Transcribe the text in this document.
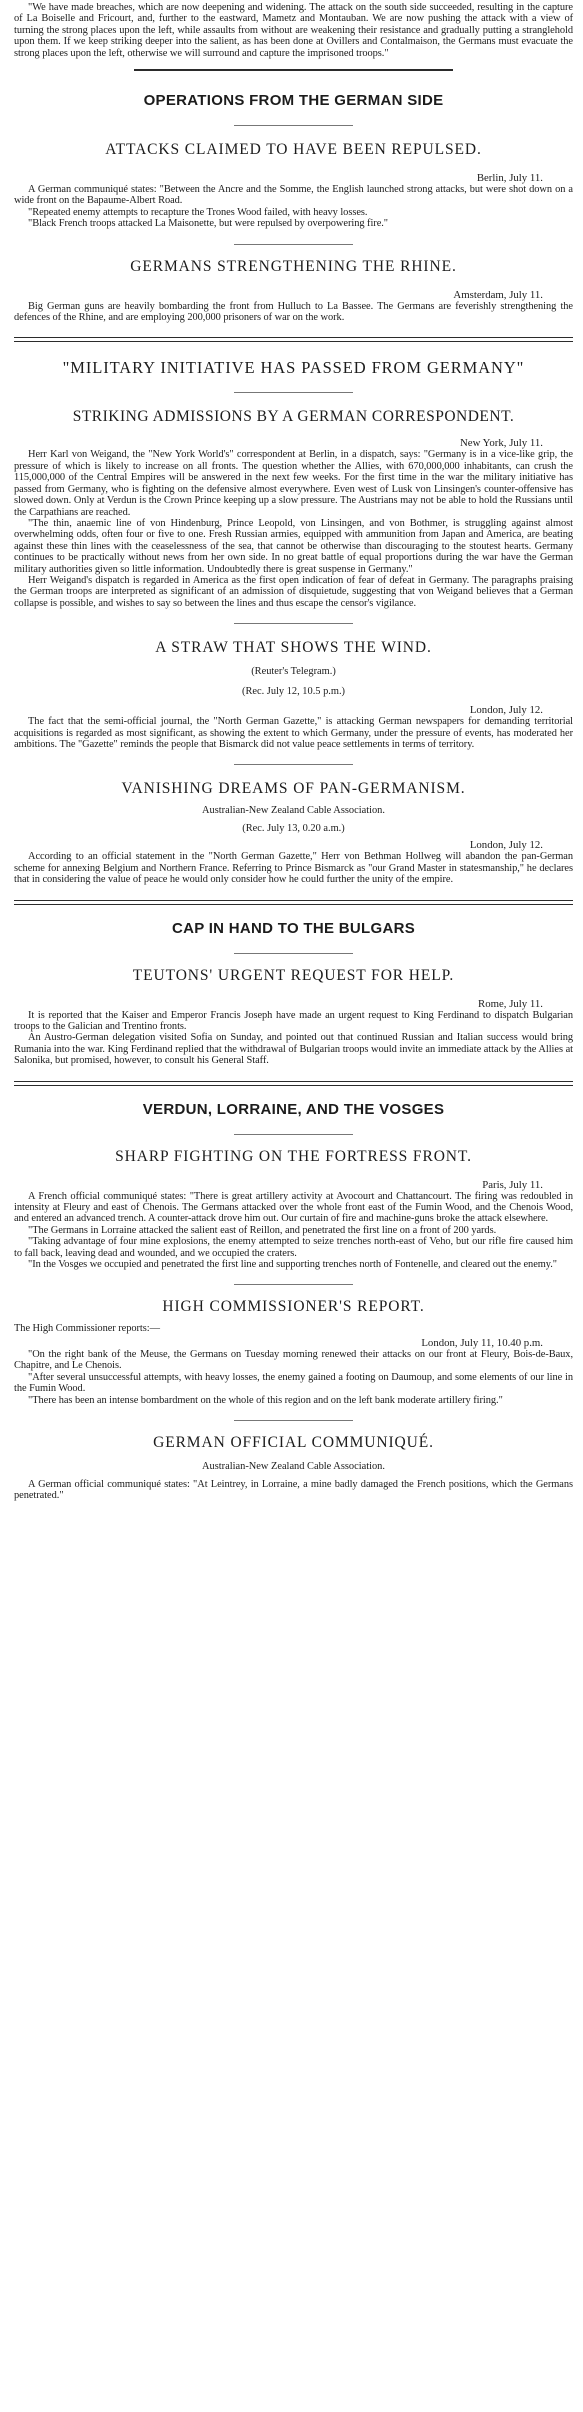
"We have made breaches, which are now deepening and widening. The attack on the south side succeeded, resulting in the capture of La Boiselle and Fricourt, and, further to the eastward, Mametz and Montauban. We are now pushing the attack with a view of turning the strong places upon the left, while assaults from without are weakening their resistance and gradually putting a stranglehold upon them. If we keep striking deeper into the salient, as has been done at Ovillers and Contalmaison, the Germans must evacuate the strong places upon the left, otherwise we will surround and capture the imprisoned troops."

OPERATIONS FROM THE GERMAN SIDE
ATTACKS CLAIMED TO HAVE BEEN REPULSED.
Berlin, July 11.

A German communiqué states: "Between the Ancre and the Somme, the English launched strong attacks, but were shot down on a wide front on the Bapaume-Albert Road.

"Repeated enemy attempts to recapture the Trones Wood failed, with heavy losses.

"Black French troops attacked La Maisonette, but were repulsed by overpowering fire."

GERMANS STRENGTHENING THE RHINE.
Amsterdam, July 11.

Big German guns are heavily bombarding the front from Hulluch to La Bassee. The Germans are feverishly strengthening the defences of the Rhine, and are employing 200,000 prisoners of war on the work.

"MILITARY INITIATIVE HAS PASSED FROM GERMANY"
STRIKING ADMISSIONS BY A GERMAN CORRESPONDENT.
New York, July 11.

Herr Karl von Weigand, the "New York World's" correspondent at Berlin, in a dispatch, says: "Germany is in a vice-like grip, the pressure of which is likely to increase on all fronts. The question whether the Allies, with 670,000,000 inhabitants, can crush the 115,000,000 of the Central Empires will be answered in the next few weeks. For the first time in the war the military initiative has passed from Germany, who is fighting on the defensive almost everywhere. Even west of Lusk von Linsingen's counter-offensive has slowed down. Only at Verdun is the Crown Prince keeping up a slow pressure. The Austrians may not be able to hold the Russians until the Carpathians are reached.

"The thin, anaemic line of von Hindenburg, Prince Leopold, von Linsingen, and von Bothmer, is struggling against almost overwhelming odds, often four or five to one. Fresh Russian armies, equipped with ammunition from Japan and America, are beating against these thin lines with the ceaselessness of the sea, that cannot be otherwise than discouraging to the stoutest hearts. Germany continues to be practically without news from her own side. In no great battle of equal proportions during the war have the German military authorities given so little information. Undoubtedly there is great suspense in Germany."

Herr Weigand's dispatch is regarded in America as the first open indication of fear of defeat in Germany. The paragraphs praising the German troops are interpreted as significant of an admission of disquietude, suggesting that von Weigand believes that a German collapse is possible, and wishes to say so between the lines and thus escape the censor's vigilance.

A STRAW THAT SHOWS THE WIND.
(Reuter's Telegram.)
(Rec. July 12, 10.5 p.m.)
London, July 12.

The fact that the semi-official journal, the "North German Gazette," is attacking German newspapers for demanding territorial acquisitions is regarded as most significant, as showing the extent to which Germany, under the pressure of events, has moderated her ambitions. The "Gazette" reminds the people that Bismarck did not value peace settlements in terms of territory.

VANISHING DREAMS OF PAN-GERMANISM.
Australian-New Zealand Cable Association.
(Rec. July 13, 0.20 a.m.)
London, July 12.

According to an official statement in the "North German Gazette," Herr von Bethman Hollweg will abandon the pan-German scheme for annexing Belgium and Northern France. Referring to Prince Bismarck as "our Grand Master in statesmanship," he declares that in considering the value of peace he would only consider how he could further the unity of the empire.

CAP IN HAND TO THE BULGARS
TEUTONS' URGENT REQUEST FOR HELP.
Rome, July 11.

It is reported that the Kaiser and Emperor Francis Joseph have made an urgent request to King Ferdinand to dispatch Bulgarian troops to the Galician and Trentino fronts.

An Austro-German delegation visited Sofia on Sunday, and pointed out that continued Russian and Italian success would bring Rumania into the war. King Ferdinand replied that the withdrawal of Bulgarian troops would invite an immediate attack by the Allies at Salonika, but promised, however, to consult his General Staff.

VERDUN, LORRAINE, AND THE VOSGES
SHARP FIGHTING ON THE FORTRESS FRONT.
Paris, July 11.

A French official communiqué states: "There is great artillery activity at Avocourt and Chattancourt. The firing was redoubled in intensity at Fleury and east of Chenois. The Germans attacked over the whole front east of the Fumin Wood, and the Chenois Wood, and entered an advanced trench. A counter-attack drove him out. Our curtain of fire and machine-guns broke the attack elsewhere.

"The Germans in Lorraine attacked the salient east of Reillon, and penetrated the first line on a front of 200 yards.

"Taking advantage of four mine explosions, the enemy attempted to seize trenches north-east of Veho, but our rifle fire caused him to fall back, leaving dead and wounded, and we occupied the craters.

"In the Vosges we occupied and penetrated the first line and supporting trenches north of Fontenelle, and cleared out the enemy."

HIGH COMMISSIONER'S REPORT.

The High Commissioner reports:—

London, July 11, 10.40 p.m.

"On the right bank of the Meuse, the Germans on Tuesday morning renewed their attacks on our front at Fleury, Bois-de-Baux, Chapitre, and Le Chenois.

"After several unsuccessful attempts, with heavy losses, the enemy gained a footing on Daumoup, and some elements of our line in the Fumin Wood.

"There has been an intense bombardment on the whole of this region and on the left bank moderate artillery firing."

GERMAN OFFICIAL COMMUNIQUÉ.
Australian-New Zealand Cable Association.

A German official communiqué states: "At Leintrey, in Lorraine, a mine badly damaged the French positions, which the Germans penetrated."
